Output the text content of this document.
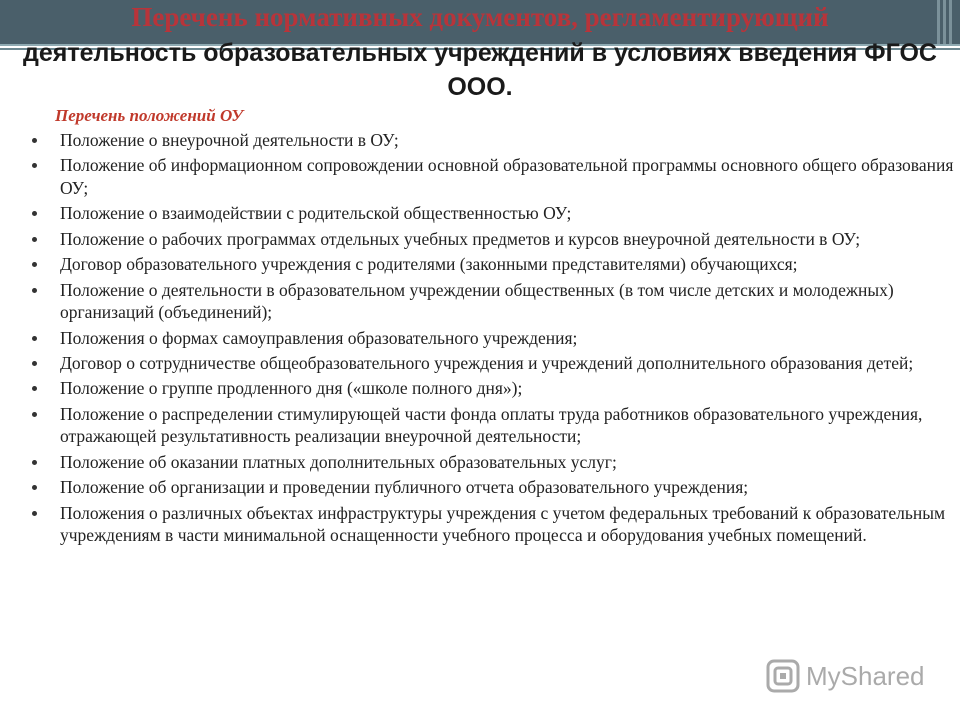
Перечень нормативных документов, регламентирующий
деятельность образовательных учреждений в условиях введения ФГОС ООО.
Перечень положений ОУ
Положение о внеурочной деятельности в ОУ;
Положение об информационном сопровождении основной образовательной программы основного общего образования ОУ;
Положение о взаимодействии с родительской общественностью ОУ;
Положение о рабочих программах отдельных учебных предметов и курсов внеурочной деятельности в ОУ;
Договор образовательного учреждения с родителями (законными представителями) обучающихся;
Положение о деятельности в образовательном учреждении общественных (в том числе детских и молодежных) организаций (объединений);
Положения о формах самоуправления образовательного учреждения;
Договор о сотрудничестве общеобразовательного учреждения и учреждений дополнительного образования детей;
Положение о группе продленного дня («школе полного дня»);
Положение о распределении стимулирующей части фонда оплаты труда работников образовательного учреждения, отражающей результативность реализации внеурочной деятельности;
Положение об оказании платных дополнительных образовательных услуг;
Положение об организации и проведении публичного отчета образовательного учреждения;
Положения о различных объектах инфраструктуры учреждения с учетом федеральных требований к образовательным учреждениям в части минимальной оснащенности учебного процесса и оборудования учебных помещений.
MyShared
